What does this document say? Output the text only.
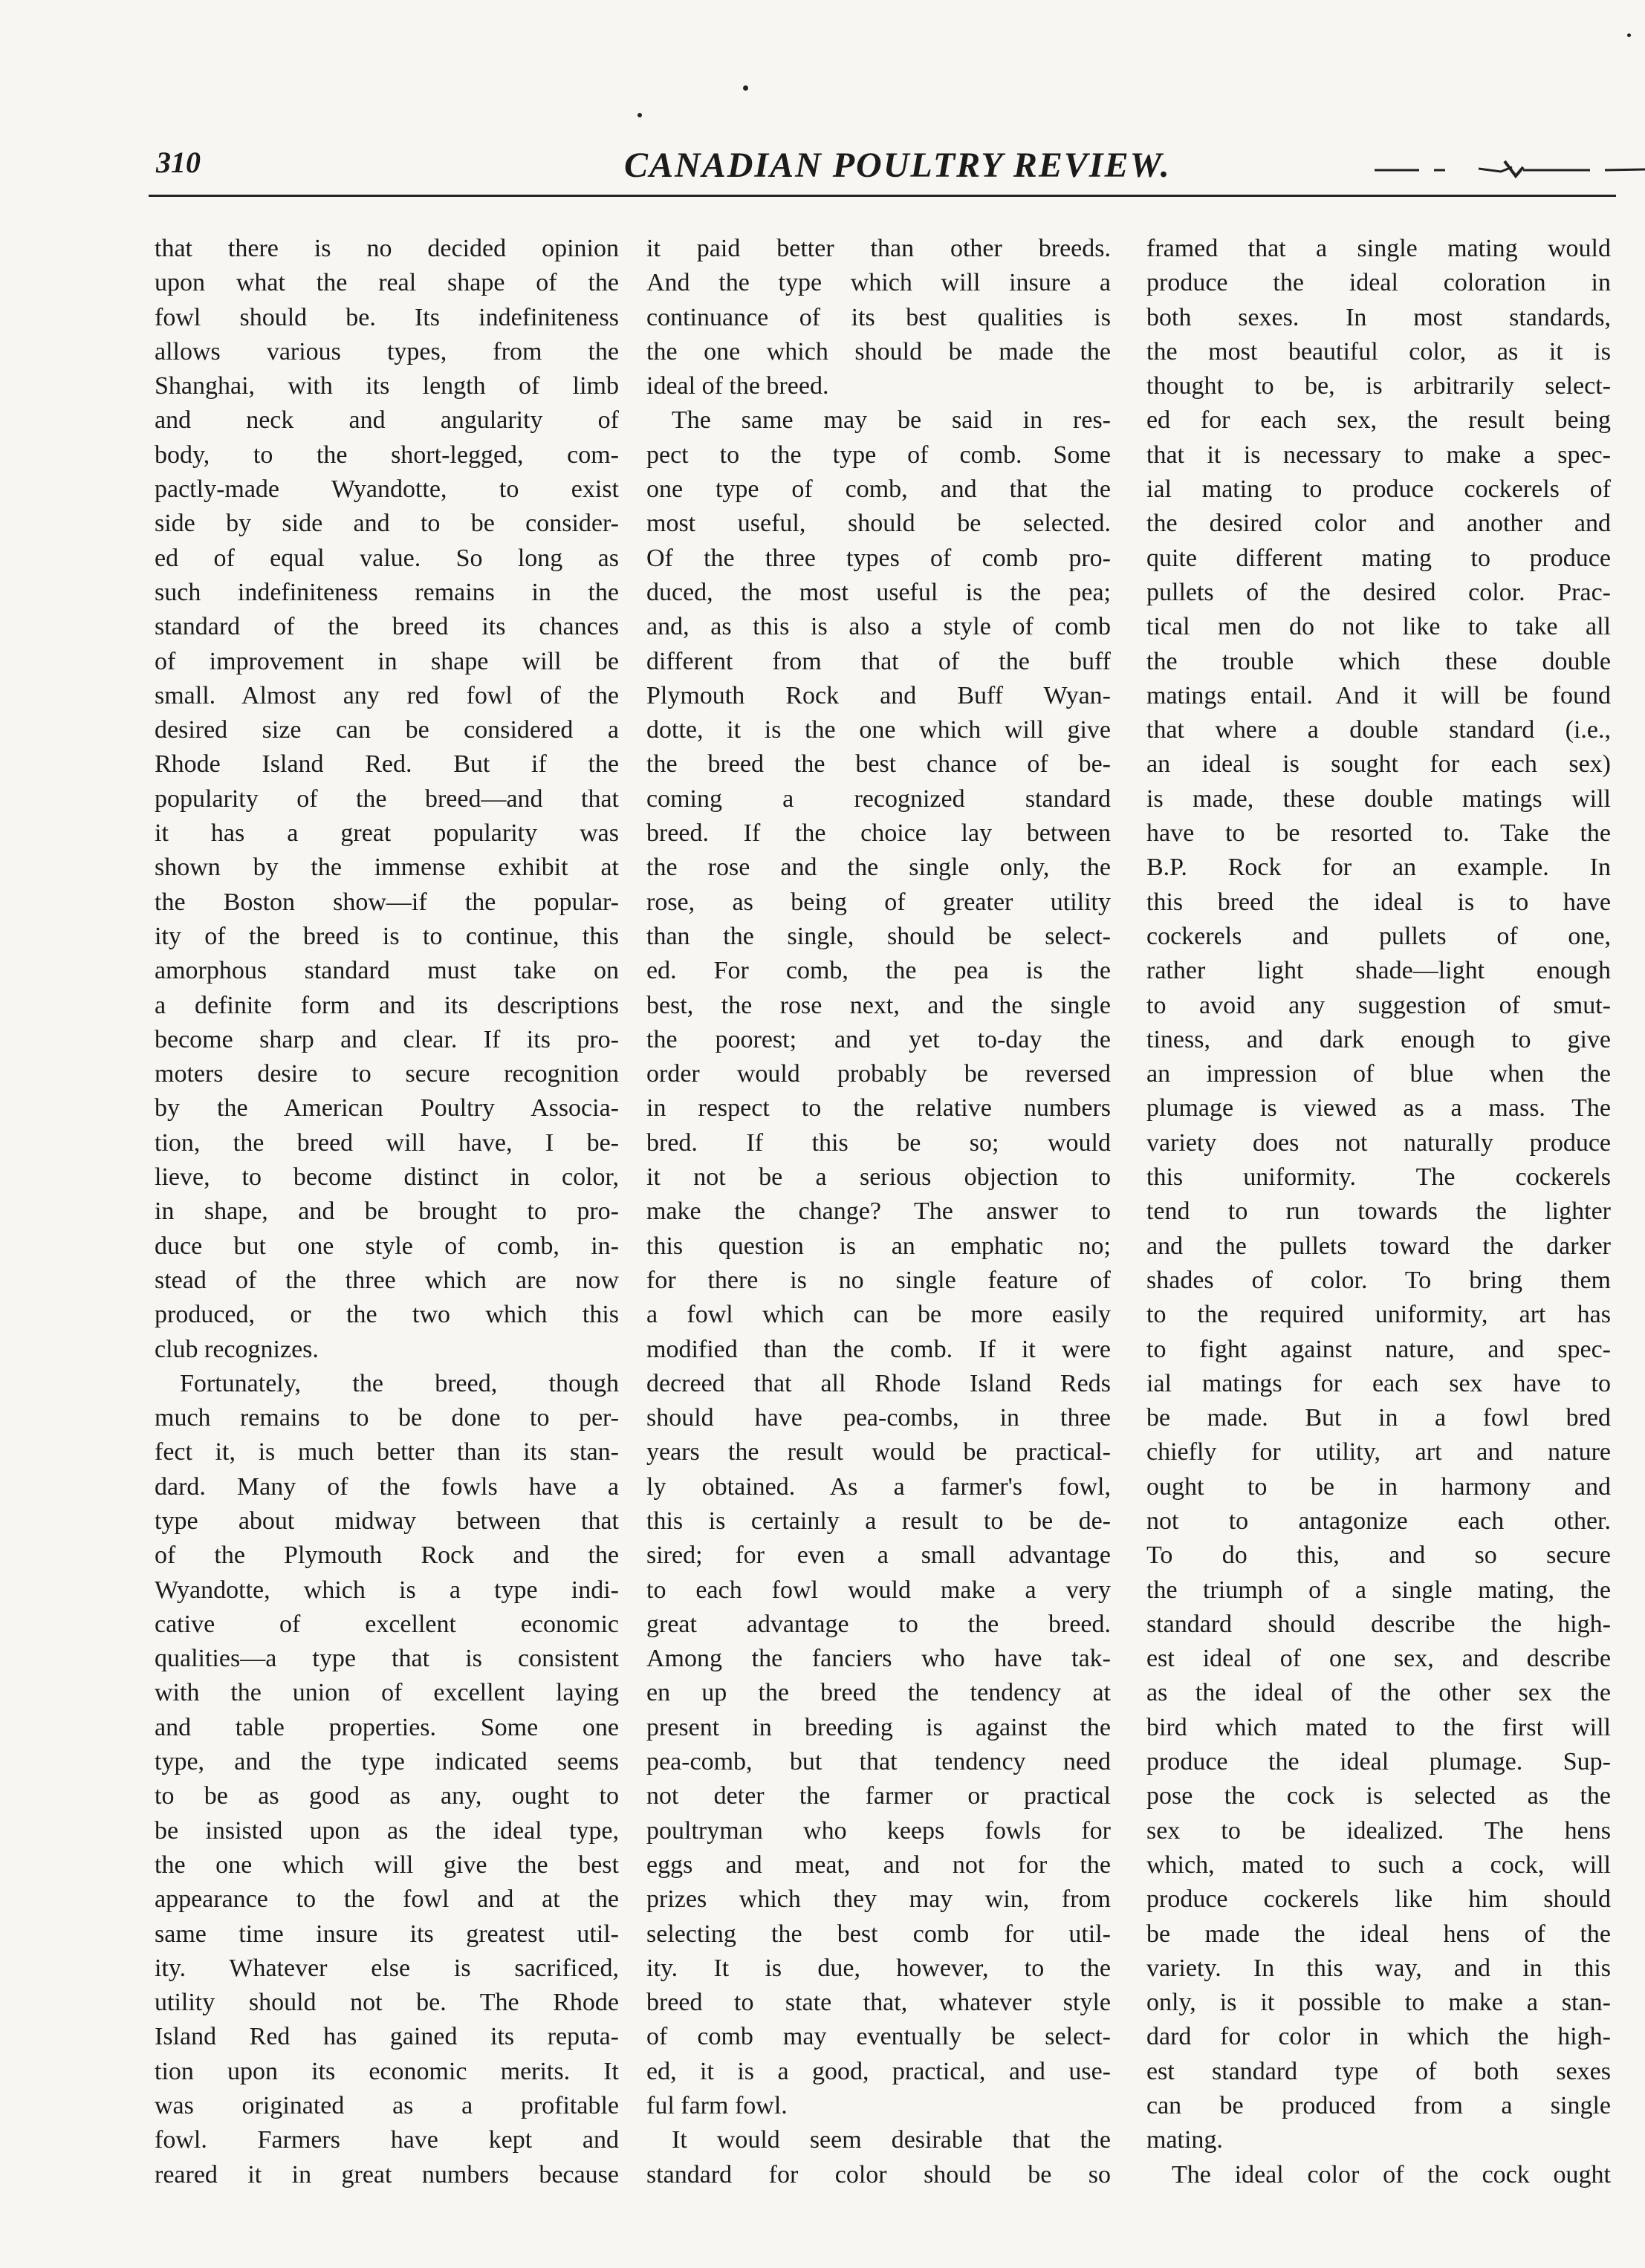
310	CANADIAN POULTRY REVIEW.
that there is no decided opinion
upon what the real shape of the
fowl should be. Its indefiniteness
allows various types, from the
Shanghai, with its length of limb
and neck and angularity of
body, to the short-legged, com-
pactly-made Wyandotte, to exist
side by side and to be consider-
ed of equal value. So long as
such indefiniteness remains in the
standard of the breed its chances
of improvement in shape will be
small. Almost any red fowl of the
desired size can be considered a
Rhode Island Red. But if the
popularity of the breed—and that
it has a great popularity was
shown by the immense exhibit at
the Boston show—if the popular-
ity of the breed is to continue, this
amorphous standard must take on
a definite form and its descriptions
become sharp and clear. If its pro-
moters desire to secure recognition
by the American Poultry Associa-
tion, the breed will have, I be-
lieve, to become distinct in color,
in shape, and be brought to pro-
duce but one style of comb, in-
stead of the three which are now
produced, or the two which this
club recognizes.
 Fortunately, the breed, though
much remains to be done to per-
fect it, is much better than its stan-
dard. Many of the fowls have a
type about midway between that
of the Plymouth Rock and the
Wyandotte, which is a type indi-
cative of excellent economic
qualities—a type that is consistent
with the union of excellent laying
and table properties. Some one
type, and the type indicated seems
to be as good as any, ought to
be insisted upon as the ideal type,
the one which will give the best
appearance to the fowl and at the
same time insure its greatest util-
ity. Whatever else is sacrificed,
utility should not be. The Rhode
Island Red has gained its reputa-
tion upon its economic merits. It
was originated as a profitable
fowl. Farmers have kept and
reared it in great numbers because
it paid better than other breeds.
And the type which will insure a
continuance of its best qualities is
the one which should be made the
ideal of the breed.
 The same may be said in res-
pect to the type of comb. Some
one type of comb, and that the
most useful, should be selected.
Of the three types of comb pro-
duced, the most useful is the pea;
and, as this is also a style of comb
different from that of the buff
Plymouth Rock and Buff Wyan-
dotte, it is the one which will give
the breed the best chance of be-
coming a recognized standard
breed. If the choice lay between
the rose and the single only, the
rose, as being of greater utility
than the single, should be select-
ed. For comb, the pea is the
best, the rose next, and the single
the poorest; and yet to-day the
order would probably be reversed
in respect to the relative numbers
bred. If this be so; would
it not be a serious objection to
make the change? The answer to
this question is an emphatic no;
for there is no single feature of
a fowl which can be more easily
modified than the comb. If it were
decreed that all Rhode Island Reds
should have pea-combs, in three
years the result would be practical-
ly obtained. As a farmer's fowl,
this is certainly a result to be de-
sired; for even a small advantage
to each fowl would make a very
great advantage to the breed.
Among the fanciers who have tak-
en up the breed the tendency at
present in breeding is against the
pea-comb, but that tendency need
not deter the farmer or practical
poultryman who keeps fowls for
eggs and meat, and not for the
prizes which they may win, from
selecting the best comb for util-
ity. It is due, however, to the
breed to state that, whatever style
of comb may eventually be select-
ed, it is a good, practical, and use-
ful farm fowl.
 It would seem desirable that the
standard for color should be so
framed that a single mating would
produce the ideal coloration in
both sexes. In most standards,
the most beautiful color, as it is
thought to be, is arbitrarily select-
ed for each sex, the result being
that it is necessary to make a spec-
ial mating to produce cockerels of
the desired color and another and
quite different mating to produce
pullets of the desired color. Prac-
tical men do not like to take all
the trouble which these double
matings entail. And it will be found
that where a double standard (i.e.,
an ideal is sought for each sex)
is made, these double matings will
have to be resorted to. Take the
B.P. Rock for an example. In
this breed the ideal is to have
cockerels and pullets of one,
rather light shade—light enough
to avoid any suggestion of smut-
tiness, and dark enough to give
an impression of blue when the
plumage is viewed as a mass. The
variety does not naturally produce
this uniformity. The cockerels
tend to run towards the lighter
and the pullets toward the darker
shades of color. To bring them
to the required uniformity, art has
to fight against nature, and spec-
ial matings for each sex have to
be made. But in a fowl bred
chiefly for utility, art and nature
ought to be in harmony and
not to antagonize each other.
To do this, and so secure
the triumph of a single mating, the
standard should describe the high-
est ideal of one sex, and describe
as the ideal of the other sex the
bird which mated to the first will
produce the ideal plumage. Sup-
pose the cock is selected as the
sex to be idealized. The hens
which, mated to such a cock, will
produce cockerels like him should
be made the ideal hens of the
variety. In this way, and in this
only, is it possible to make a stan-
dard for color in which the high-
est standard type of both sexes
can be produced from a single
mating.
 The ideal color of the cock ought
